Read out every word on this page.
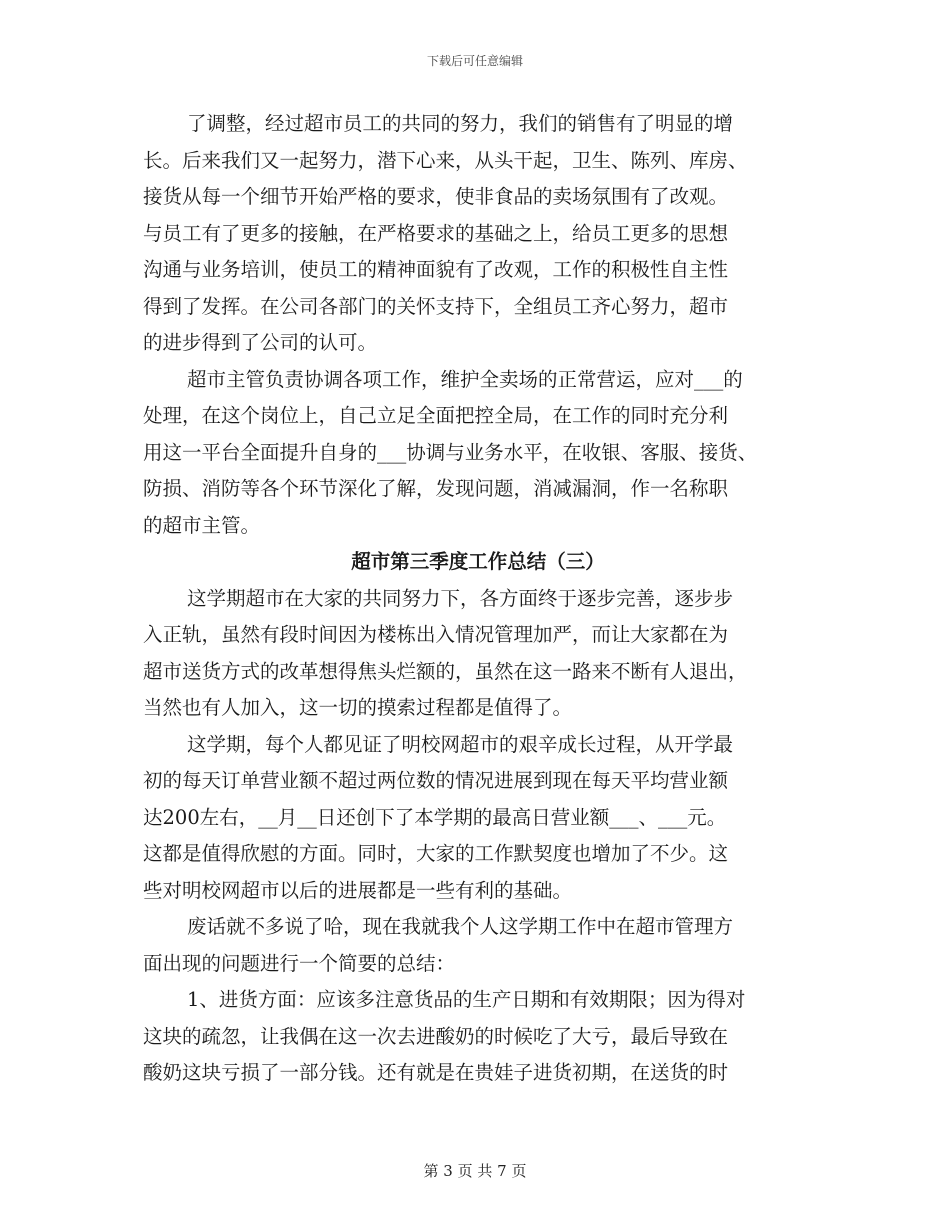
下载后可任意编辑
了调整，经过超市员工的共同的努力，我们的销售有了明显的增
长。后来我们又一起努力，潜下心来，从头干起，卫生、陈列、库房、
接货从每一个细节开始严格的要求，使非食品的卖场氛围有了改观。
与员工有了更多的接触，在严格要求的基础之上，给员工更多的思想
沟通与业务培训，使员工的精神面貌有了改观，工作的积极性自主性
得到了发挥。在公司各部门的关怀支持下，全组员工齐心努力，超市
的进步得到了公司的认可。
超市主管负责协调各项工作，维护全卖场的正常营运，应对___的
处理，在这个岗位上，自己立足全面把控全局，在工作的同时充分利
用这一平台全面提升自身的___协调与业务水平，在收银、客服、接货、
防损、消防等各个环节深化了解，发现问题，消减漏洞，作一名称职
的超市主管。
超市第三季度工作总结（三）
这学期超市在大家的共同努力下，各方面终于逐步完善，逐步步
入正轨，虽然有段时间因为楼栋出入情况管理加严，而让大家都在为
超市送货方式的改革想得焦头烂额的，虽然在这一路来不断有人退出，
当然也有人加入，这一切的摸索过程都是值得了。
这学期，每个人都见证了明校网超市的艰辛成长过程，从开学最
初的每天订单营业额不超过两位数的情况进展到现在每天平均营业额
达200左右，__月__日还创下了本学期的最高日营业额___、___元。
这都是值得欣慰的方面。同时，大家的工作默契度也增加了不少。这
些对明校网超市以后的进展都是一些有利的基础。
废话就不多说了哈，现在我就我个人这学期工作中在超市管理方
面出现的问题进行一个简要的总结：
1、进货方面：应该多注意货品的生产日期和有效期限；因为得对
这块的疏忽，让我偶在这一次去进酸奶的时候吃了大亏，最后导致在
酸奶这块亏损了一部分钱。还有就是在贵娃子进货初期，在送货的时
第 3 页 共 7 页
